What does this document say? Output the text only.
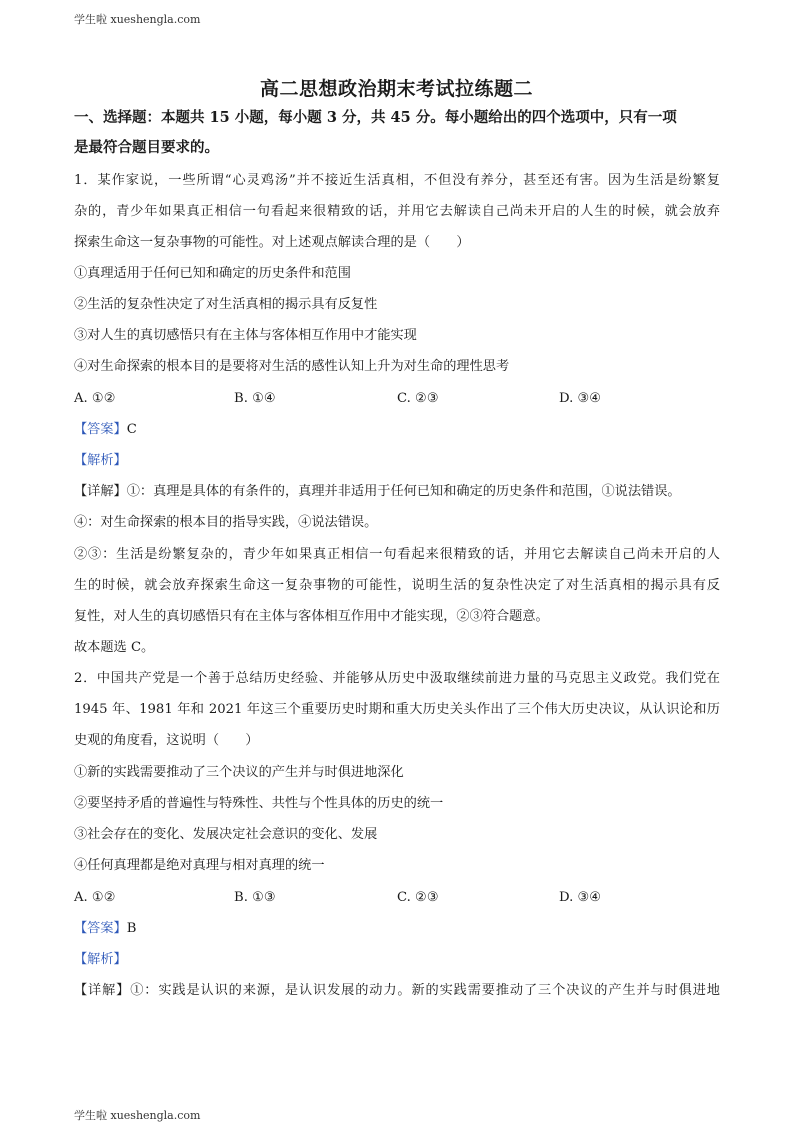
学生啦 xueshengla.com
高二思想政治期末考试拉练题二
一、选择题：本题共 15 小题，每小题 3 分，共 45 分。每小题给出的四个选项中，只有一项
是最符合题目要求的。
1．某作家说，一些所谓“心灵鸡汤”并不接近生活真相，不但没有养分，甚至还有害。因为生活是纷繁复
杂的，青少年如果真正相信一句看起来很精致的话，并用它去解读自己尚未开启的人生的时候，就会放弃
探索生命这一复杂事物的可能性。对上述观点解读合理的是（　　）
①真理适用于任何已知和确定的历史条件和范围
②生活的复杂性决定了对生活真相的揭示具有反复性
③对人生的真切感悟只有在主体与客体相互作用中才能实现
④对生命探索的根本目的是要将对生活的感性认知上升为对生命的理性思考
A. ①②	B. ①④	C. ②③	D. ③④
【答案】C
【解析】
【详解】①：真理是具体的有条件的，真理并非适用于任何已知和确定的历史条件和范围，①说法错误。
④：对生命探索的根本目的指导实践，④说法错误。
②③：生活是纷繁复杂的，青少年如果真正相信一句看起来很精致的话，并用它去解读自己尚未开启的人
生的时候，就会放弃探索生命这一复杂事物的可能性，说明生活的复杂性决定了对生活真相的揭示具有反
复性，对人生的真切感悟只有在主体与客体相互作用中才能实现，②③符合题意。
故本题选 C。
2．中国共产党是一个善于总结历史经验、并能够从历史中汲取继续前进力量的马克思主义政党。我们党在
1945 年、1981 年和 2021 年这三个重要历史时期和重大历史关头作出了三个伟大历史决议，从认识论和历
史观的角度看，这说明（　　）
①新的实践需要推动了三个决议的产生并与时俱进地深化
②要坚持矛盾的普遍性与特殊性、共性与个性具体的历史的统一
③社会存在的变化、发展决定社会意识的变化、发展
④任何真理都是绝对真理与相对真理的统一
A. ①②	B. ①③	C. ②③	D. ③④
【答案】B
【解析】
【详解】①：实践是认识的来源，是认识发展的动力。新的实践需要推动了三个决议的产生并与时俱进地
学生啦 xueshengla.com
